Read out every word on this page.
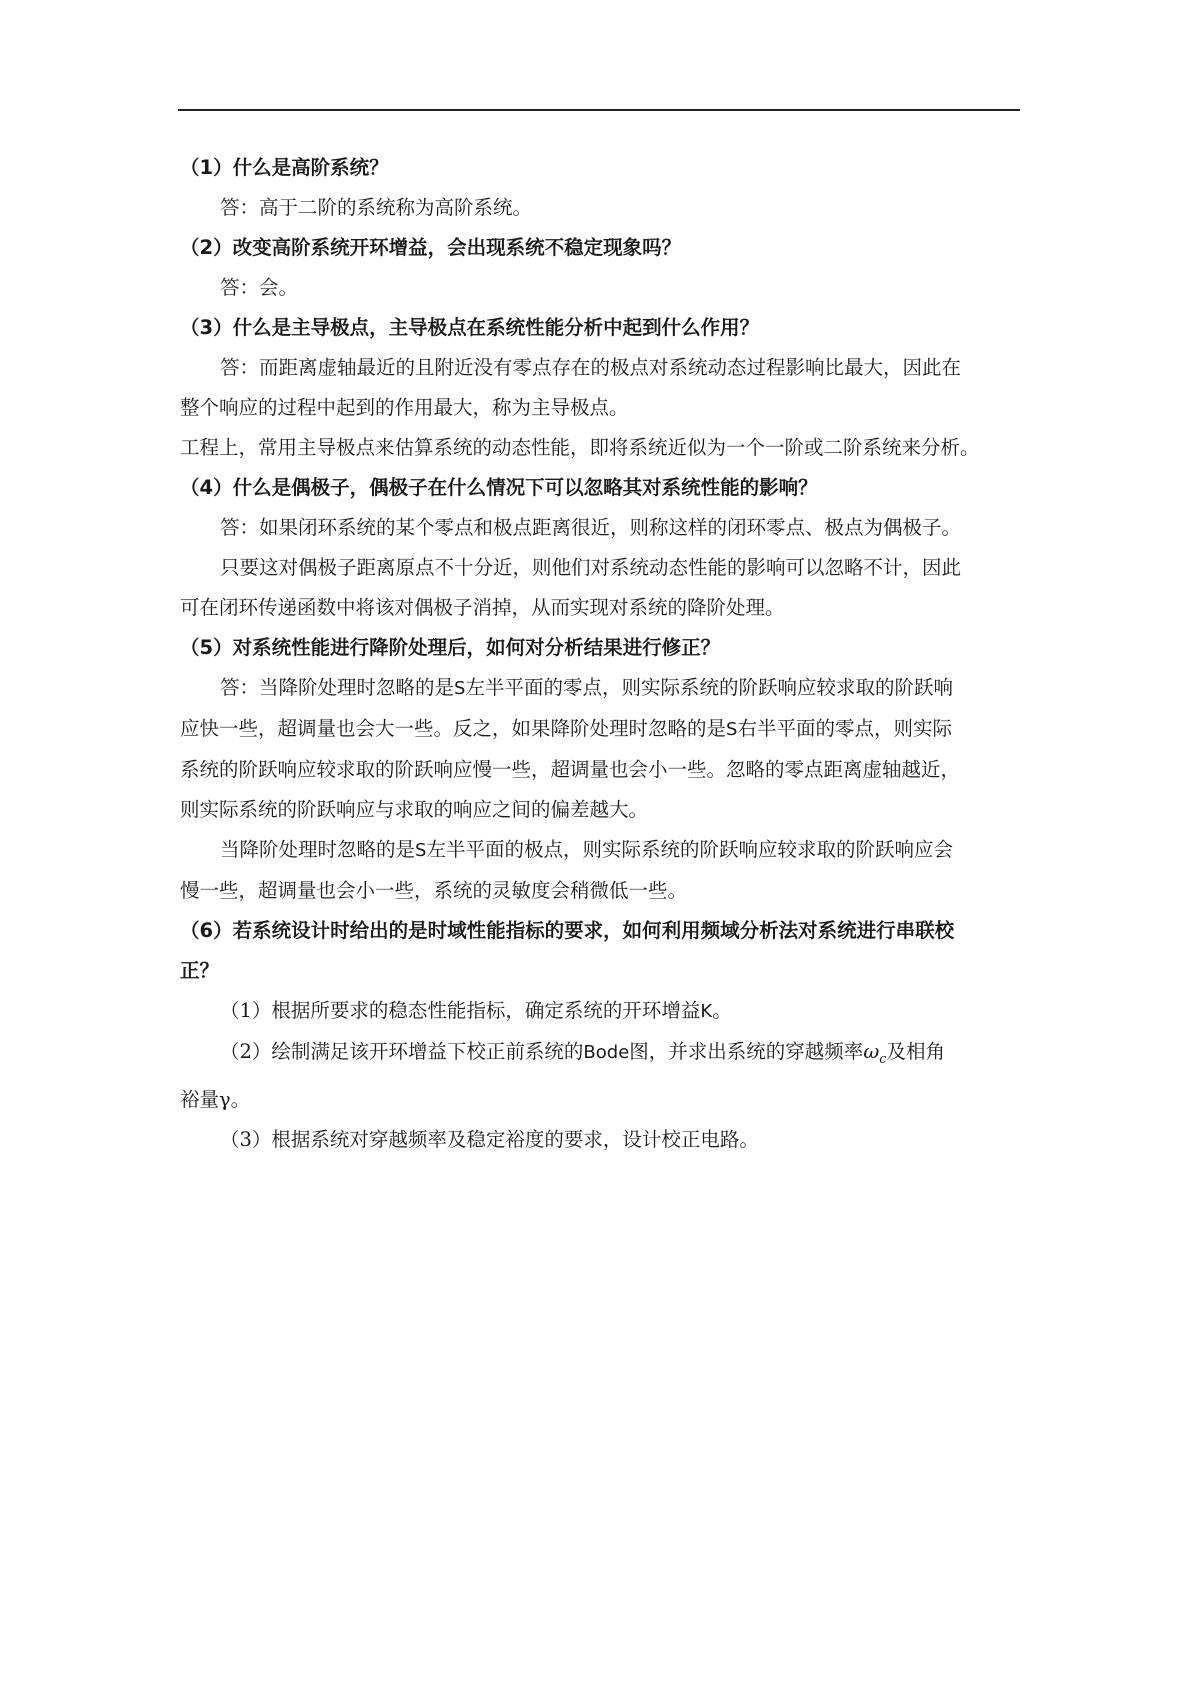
（1）什么是高阶系统？
答：高于二阶的系统称为高阶系统。
（2）改变高阶系统开环增益，会出现系统不稳定现象吗？
答：会。
（3）什么是主导极点，主导极点在系统性能分析中起到什么作用？
答：而距离虚轴最近的且附近没有零点存在的极点对系统动态过程影响比最大，因此在
整个响应的过程中起到的作用最大，称为主导极点。
工程上，常用主导极点来估算系统的动态性能，即将系统近似为一个一阶或二阶系统来分析。
（4）什么是偶极子，偶极子在什么情况下可以忽略其对系统性能的影响？
答：如果闭环系统的某个零点和极点距离很近，则称这样的闭环零点、极点为偶极子。
只要这对偶极子距离原点不十分近，则他们对系统动态性能的影响可以忽略不计，因此
可在闭环传递函数中将该对偶极子消掉，从而实现对系统的降阶处理。
（5）对系统性能进行降阶处理后，如何对分析结果进行修正？
答：当降阶处理时忽略的是S左半平面的零点，则实际系统的阶跃响应较求取的阶跃响
应快一些，超调量也会大一些。反之，如果降阶处理时忽略的是S右半平面的零点，则实际
系统的阶跃响应较求取的阶跃响应慢一些，超调量也会小一些。忽略的零点距离虚轴越近，
则实际系统的阶跃响应与求取的响应之间的偏差越大。
当降阶处理时忽略的是S左半平面的极点，则实际系统的阶跃响应较求取的阶跃响应会
慢一些，超调量也会小一些，系统的灵敏度会稍微低一些。
（6）若系统设计时给出的是时域性能指标的要求，如何利用频域分析法对系统进行串联校
正？
（1）根据所要求的稳态性能指标，确定系统的开环增益K。
（2）绘制满足该开环增益下校正前系统的Bode图，并求出系统的穿越频率$\omega_c$及相角
裕量γ。
（3）根据系统对穿越频率及稳定裕度的要求，设计校正电路。
